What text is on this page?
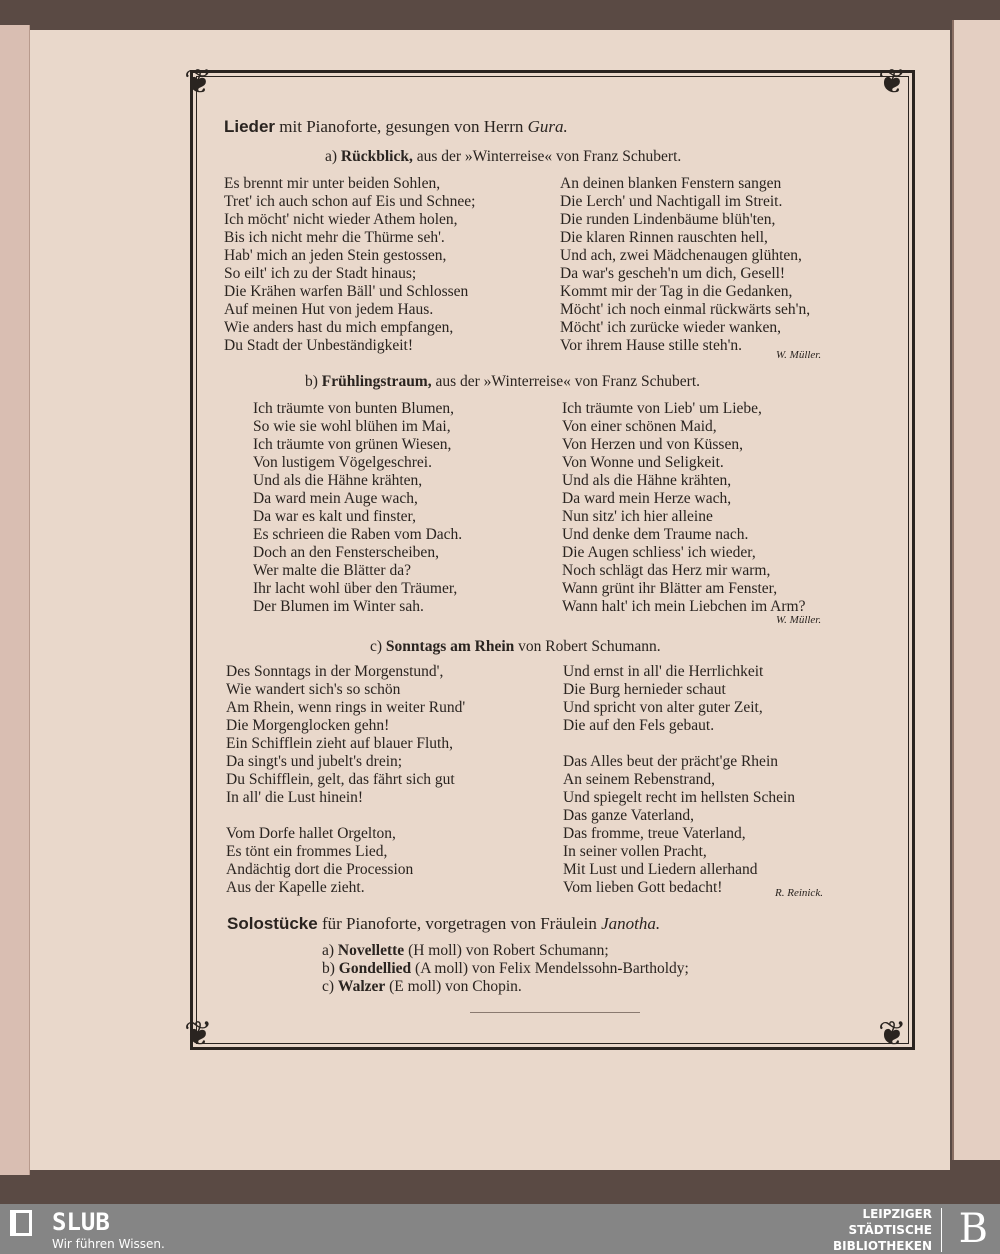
❦	❦
❦	❦
Lieder mit Pianoforte, gesungen von Herrn Gura.
a) Rückblick, aus der »Winterreise« von Franz Schubert.
Es brennt mir unter beiden Sohlen,
Tret' ich auch schon auf Eis und Schnee;
Ich möcht' nicht wieder Athem holen,
Bis ich nicht mehr die Thürme seh'.
Hab' mich an jeden Stein gestossen,
So eilt' ich zu der Stadt hinaus;
Die Krähen warfen Bäll' und Schlossen
Auf meinen Hut von jedem Haus.
Wie anders hast du mich empfangen,
Du Stadt der Unbeständigkeit!
An deinen blanken Fenstern sangen
Die Lerch' und Nachtigall im Streit.
Die runden Lindenbäume blüh'ten,
Die klaren Rinnen rauschten hell,
Und ach, zwei Mädchenaugen glühten,
Da war's gescheh'n um dich, Gesell!
Kommt mir der Tag in die Gedanken,
Möcht' ich noch einmal rückwärts seh'n,
Möcht' ich zurücke wieder wanken,
Vor ihrem Hause stille steh'n.
W. Müller.
b) Frühlingstraum, aus der »Winterreise« von Franz Schubert.
Ich träumte von bunten Blumen,
So wie sie wohl blühen im Mai,
Ich träumte von grünen Wiesen,
Von lustigem Vögelgeschrei.
Und als die Hähne krähten,
Da ward mein Auge wach,
Da war es kalt und finster,
Es schrieen die Raben vom Dach.
Doch an den Fensterscheiben,
Wer malte die Blätter da?
Ihr lacht wohl über den Träumer,
Der Blumen im Winter sah.
Ich träumte von Lieb' um Liebe,
Von einer schönen Maid,
Von Herzen und von Küssen,
Von Wonne und Seligkeit.
Und als die Hähne krähten,
Da ward mein Herze wach,
Nun sitz' ich hier alleine
Und denke dem Traume nach.
Die Augen schliess' ich wieder,
Noch schlägt das Herz mir warm,
Wann grünt ihr Blätter am Fenster,
Wann halt' ich mein Liebchen im Arm?
W. Müller.
c) Sonntags am Rhein von Robert Schumann.
Des Sonntags in der Morgenstund',
Wie wandert sich's so schön
Am Rhein, wenn rings in weiter Rund'
Die Morgenglocken gehn!
Ein Schifflein zieht auf blauer Fluth,
Da singt's und jubelt's drein;
Du Schifflein, gelt, das fährt sich gut
In all' die Lust hinein!
Vom Dorfe hallet Orgelton,
Es tönt ein frommes Lied,
Andächtig dort die Procession
Aus der Kapelle zieht.
Und ernst in all' die Herrlichkeit
Die Burg hernieder schaut
Und spricht von alter guter Zeit,
Die auf den Fels gebaut.
Das Alles beut der prächt'ge Rhein
An seinem Rebenstrand,
Und spiegelt recht im hellsten Schein
Das ganze Vaterland,
Das fromme, treue Vaterland,
In seiner vollen Pracht,
Mit Lust und Liedern allerhand
Vom lieben Gott bedacht!	R. Reinick.
Solostücke für Pianoforte, vorgetragen von Fräulein Janotha.
a) Novellette (H moll) von Robert Schumann;
b) Gondellied (A moll) von Felix Mendelssohn-Bartholdy;
c) Walzer (E moll) von Chopin.
SLUB
Wir führen Wissen.
LEIPZIGER
STÄDTISCHE
BIBLIOTHEKEN B
